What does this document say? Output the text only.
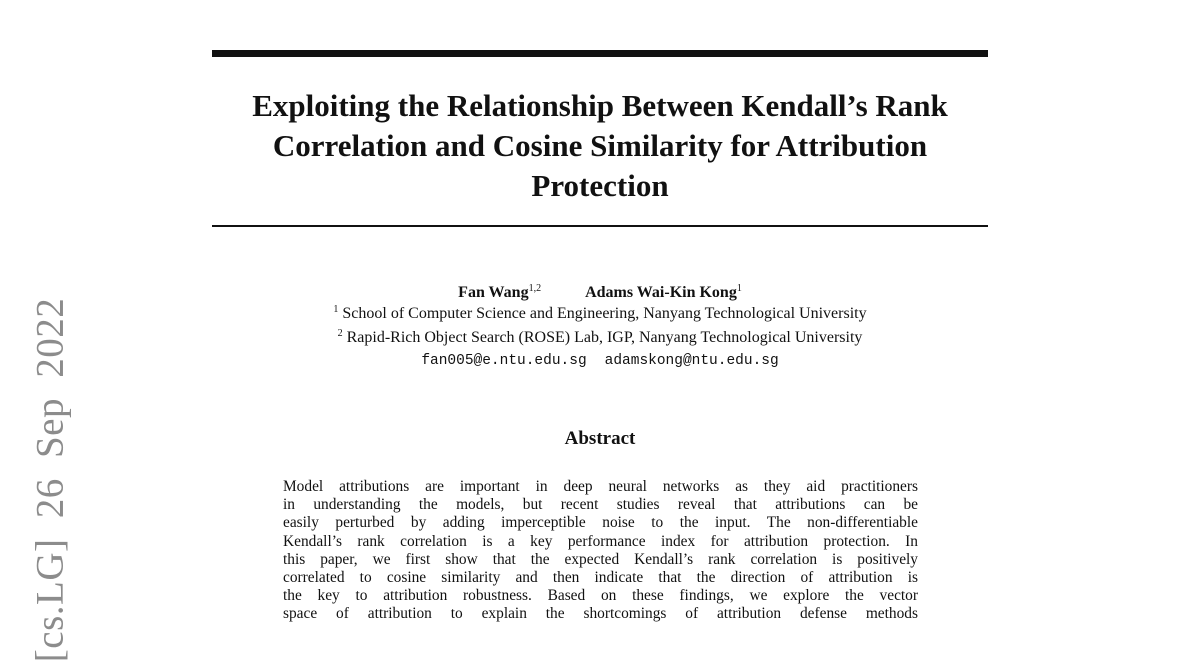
Exploiting the Relationship Between Kendall’s Rank
Correlation and Cosine Similarity for Attribution
Protection
[cs.LG] 26 Sep 2022
Fan Wang$^{1,2}$	Adams Wai-Kin Kong$^1$
$^1$ School of Computer Science and Engineering, Nanyang Technological University
$^2$ Rapid-Rich Object Search (ROSE) Lab, IGP, Nanyang Technological University
fan005@e.ntu.edu.sg adamskong@ntu.edu.sg
Abstract
Model attributions are important in deep neural networks as they aid practitioners
in understanding the models, but recent studies reveal that attributions can be
easily perturbed by adding imperceptible noise to the input. The non-differentiable
Kendall’s rank correlation is a key performance index for attribution protection. In
this paper, we first show that the expected Kendall’s rank correlation is positively
correlated to cosine similarity and then indicate that the direction of attribution is
the key to attribution robustness. Based on these findings, we explore the vector
space of attribution to explain the shortcomings of attribution defense methods
